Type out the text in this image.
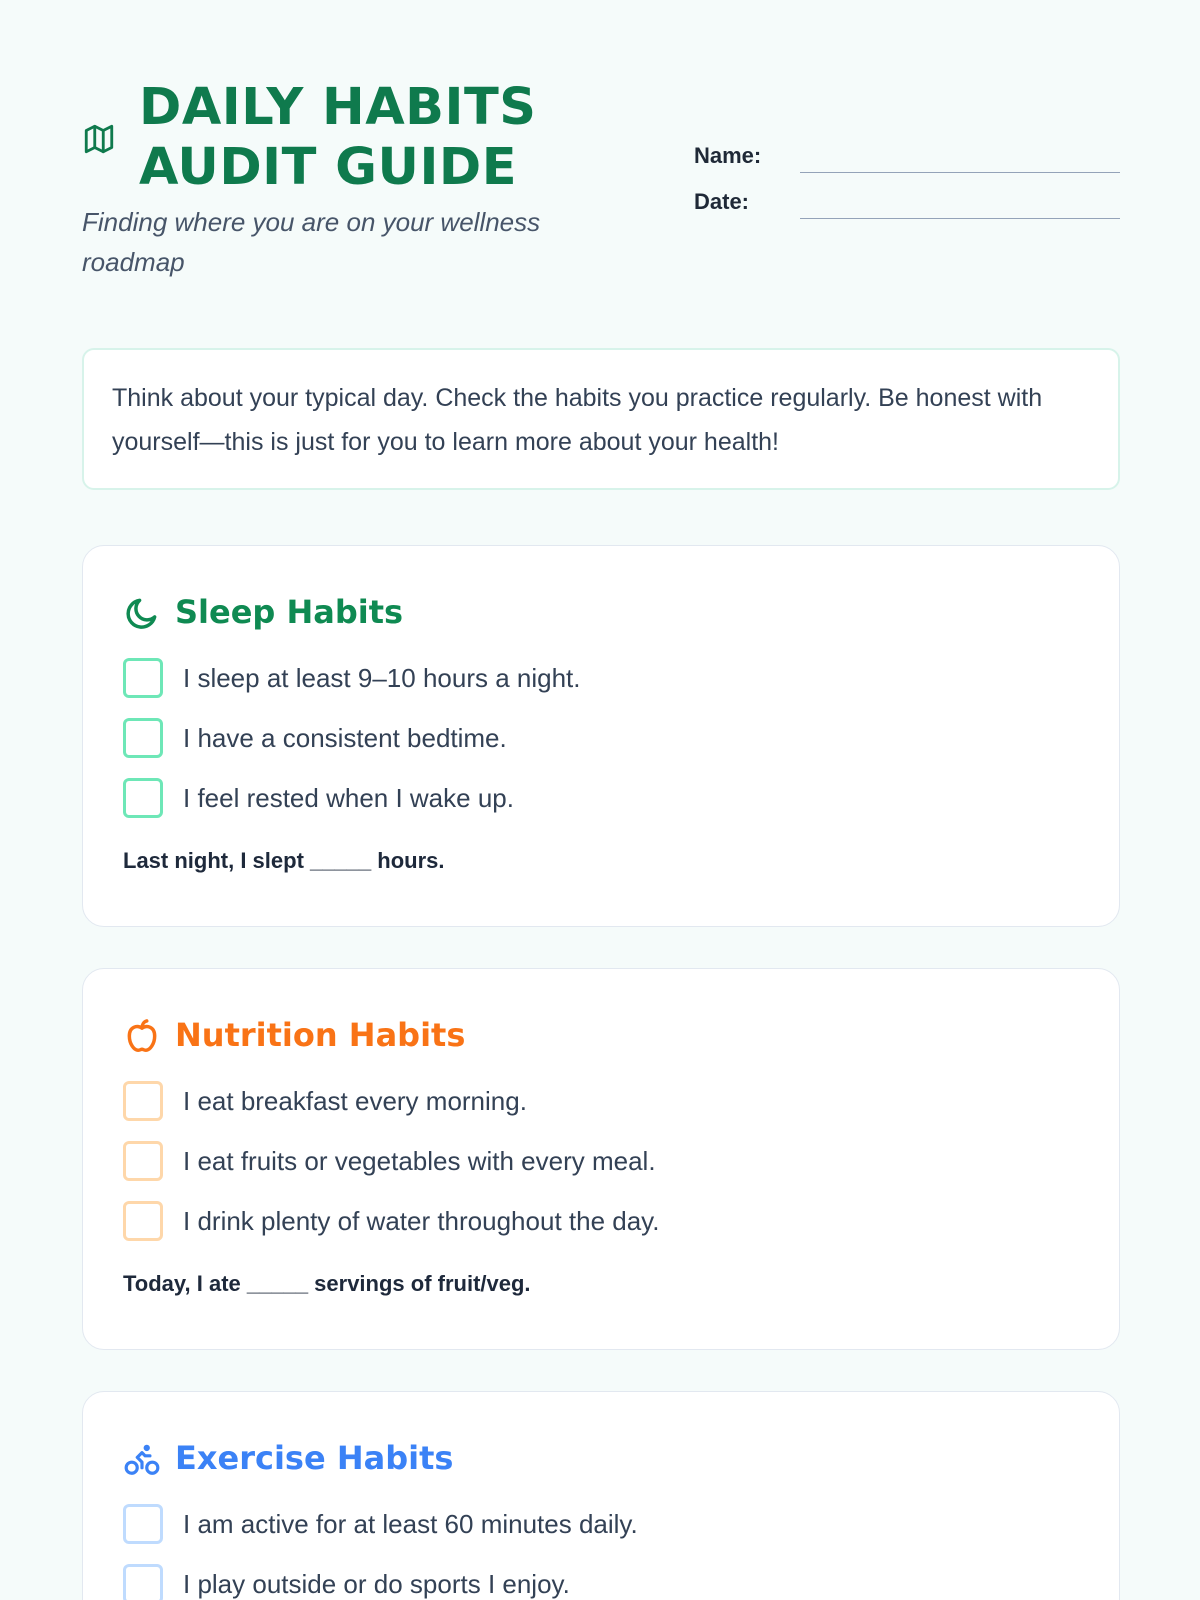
DAILY HABITS
AUDIT GUIDE

Finding where you are on your wellness roadmap

Name:
Date:

Think about your typical day. Check the habits you practice regularly. Be honest with yourself—this is just for you to learn more about your health!

Sleep Habits
I sleep at least 9–10 hours a night.
I have a consistent bedtime.
I feel rested when I wake up.

Last night, I slept _____ hours.

Nutrition Habits
I eat breakfast every morning.
I eat fruits or vegetables with every meal.
I drink plenty of water throughout the day.

Today, I ate _____ servings of fruit/veg.

Exercise Habits
I am active for at least 60 minutes daily.
I play outside or do sports I enjoy.
